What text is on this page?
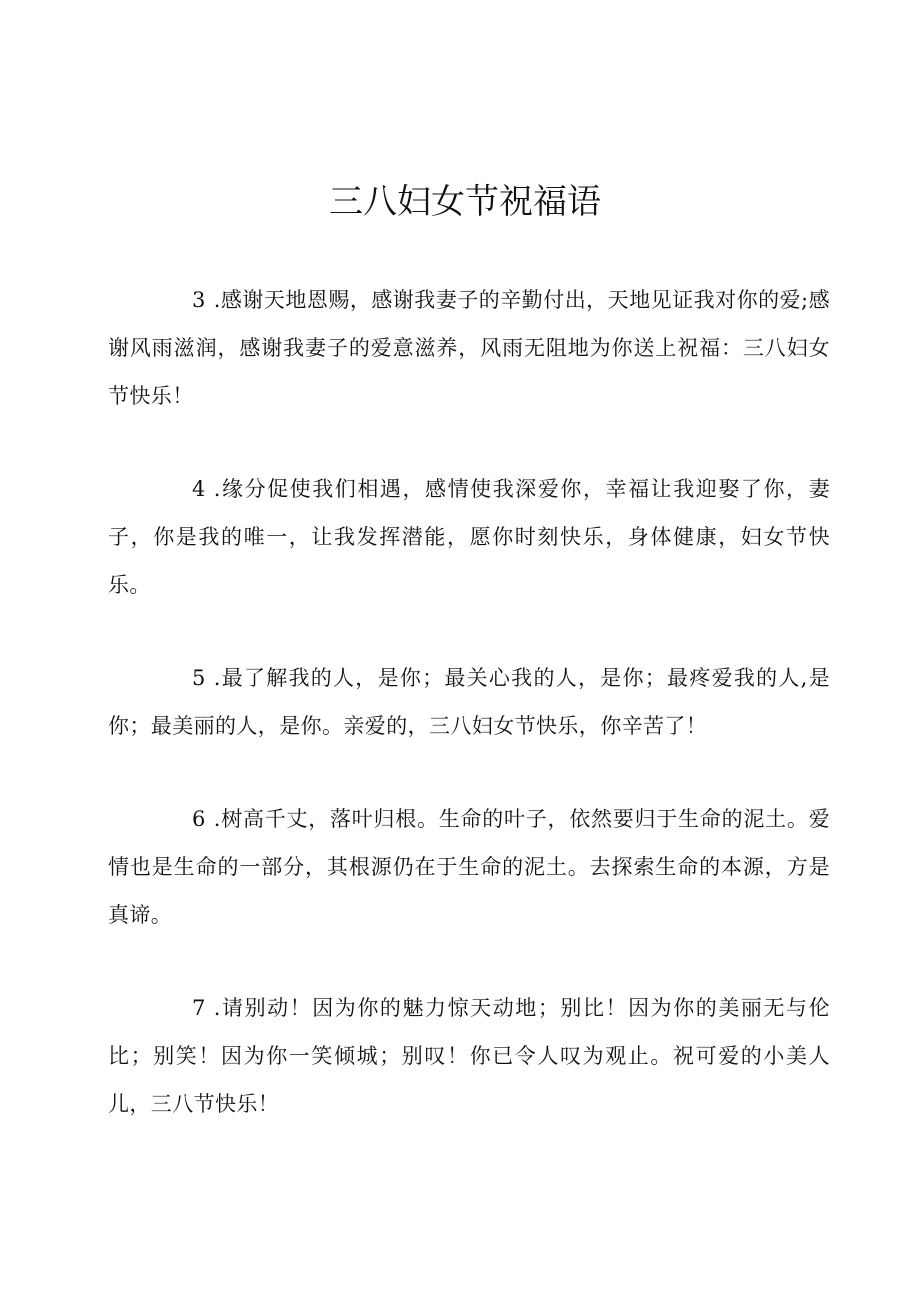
三八妇女节祝福语

3 .感谢天地恩赐，感谢我妻子的辛勤付出，天地见证我对你的爱;感谢风雨滋润，感谢我妻子的爱意滋养，风雨无阻地为你送上祝福：三八妇女节快乐！

4 .缘分促使我们相遇，感情使我深爱你，幸福让我迎娶了你，妻子，你是我的唯一，让我发挥潜能，愿你时刻快乐，身体健康，妇女节快乐。

5 .最了解我的人，是你；最关心我的人，是你；最疼爱我的人,是你；最美丽的人，是你。亲爱的，三八妇女节快乐，你辛苦了！

6 .树高千丈，落叶归根。生命的叶子，依然要归于生命的泥土。爱情也是生命的一部分，其根源仍在于生命的泥土。去探索生命的本源，方是真谛。

7 .请别动！因为你的魅力惊天动地；别比！因为你的美丽无与伦比；别笑！因为你一笑倾城；别叹！你已令人叹为观止。祝可爱的小美人儿，三八节快乐！
